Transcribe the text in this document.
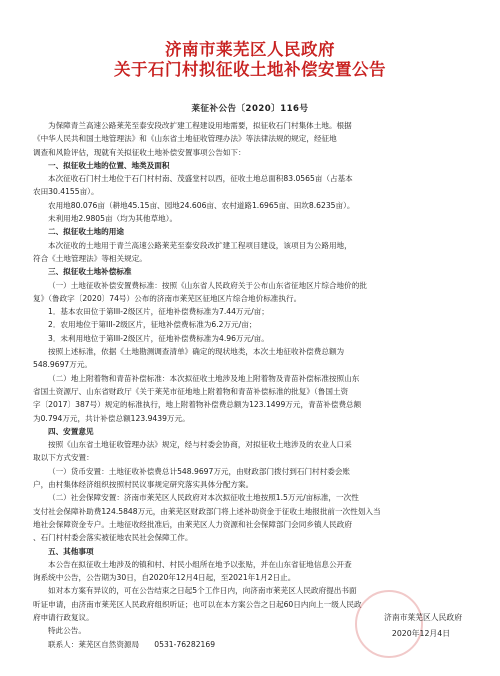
济南市莱芜区人民政府
关于石门村拟征收土地补偿安置公告
莱征补公告〔2020〕116号

为保障青兰高速公路莱芜至泰安段改扩建工程建设用地需要，拟征收石门村集体土地。根据

《中华人民共和国土地管理法》和《山东省土地征收管理办法》等法律法规的规定，经征地

调查和风险评估，现就有关拟征收土地补偿安置事项公告如下：

一、拟征收土地的位置、地类及面积

本次征收石门村土地位于石门村村南、茂盛堂村以西，征收土地总面积83.0565亩（占基本

农田30.4155亩）。

农用地80.076亩（耕地45.15亩、园地24.606亩、农村道路1.6965亩、田坎8.6235亩）。

未利用地2.9805亩（均为其他草地）。

二、拟征收土地的用途

本次征收的土地用于青兰高速公路莱芜至泰安段改扩建工程项目建设，该项目为公路用地，

符合《土地管理法》等相关规定。

三、拟征收土地补偿标准

（一）土地征收补偿安置费标准：按照《山东省人民政府关于公布山东省征地区片综合地价的批

复》（鲁政字〔2020〕74号）公布的济南市莱芜区征地区片综合地价标准执行。

1．基本农田位于第III-2级区片，征地补偿费标准为7.44万元/亩；

2．农用地位于第III-2级区片，征地补偿费标准为6.2万元/亩；

3．未利用地位于第III-2级区片，征地补偿费标准为4.96万元/亩。

按照上述标准，依据《土地勘测调查清单》确定的现状地类，本次土地征收补偿费总额为

548.9697万元。

（二）地上附着物和青苗补偿标准：本次拟征收土地涉及地上附着物及青苗补偿标准按照山东

省国土资源厅、山东省财政厅《关于莱芜市征地地上附着物和青苗补偿标准的批复》（鲁国土资

字〔2017〕387号）规定的标准执行，地上附着物补偿费总额为123.1499万元，青苗补偿费总额

为0.794万元，共计补偿总额123.9439万元。

四、安置意见

按照《山东省土地征收管理办法》规定，经与村委会协商，对拟征收土地涉及的农业人口采

取以下方式安置：

（一）货币安置：土地征收补偿费总计548.9697万元，由财政部门拨付到石门村村委会账

户，由村集体经济组织按照村民议事规定研究落实具体分配方案。

（二）社会保障安置：济南市莱芜区人民政府对本次拟征收土地按照1.5万元/亩标准，一次性

支付社会保障补助费124.5848万元，由莱芜区财政部门将上述补助资金于征收土地报批前一次性划入当

地社会保障资金专户。土地征收经批准后，由莱芜区人力资源和社会保障部门会同乡镇人民政府

、石门村村委会落实被征地农民社会保障工作。

五、其他事项

本公告在拟征收土地涉及的镇和村、村民小组所在地予以张贴，并在山东省征地信息公开查

询系统中公告，公告期为30日，自2020年12月4日起，至2021年1月2日止。

如对本方案有异议的，可在公告结束之日起5个工作日内，向济南市莱芜区人民政府提出书面

听证申请，由济南市莱芜区人民政府组织听证；也可以在本方案公告之日起60日内向上一级人民政

府申请行政复议。

特此公告。

联系人：莱芜区自然资源局　　0531-76282169

济南市莱芜区人民政府
2020年12月4日
